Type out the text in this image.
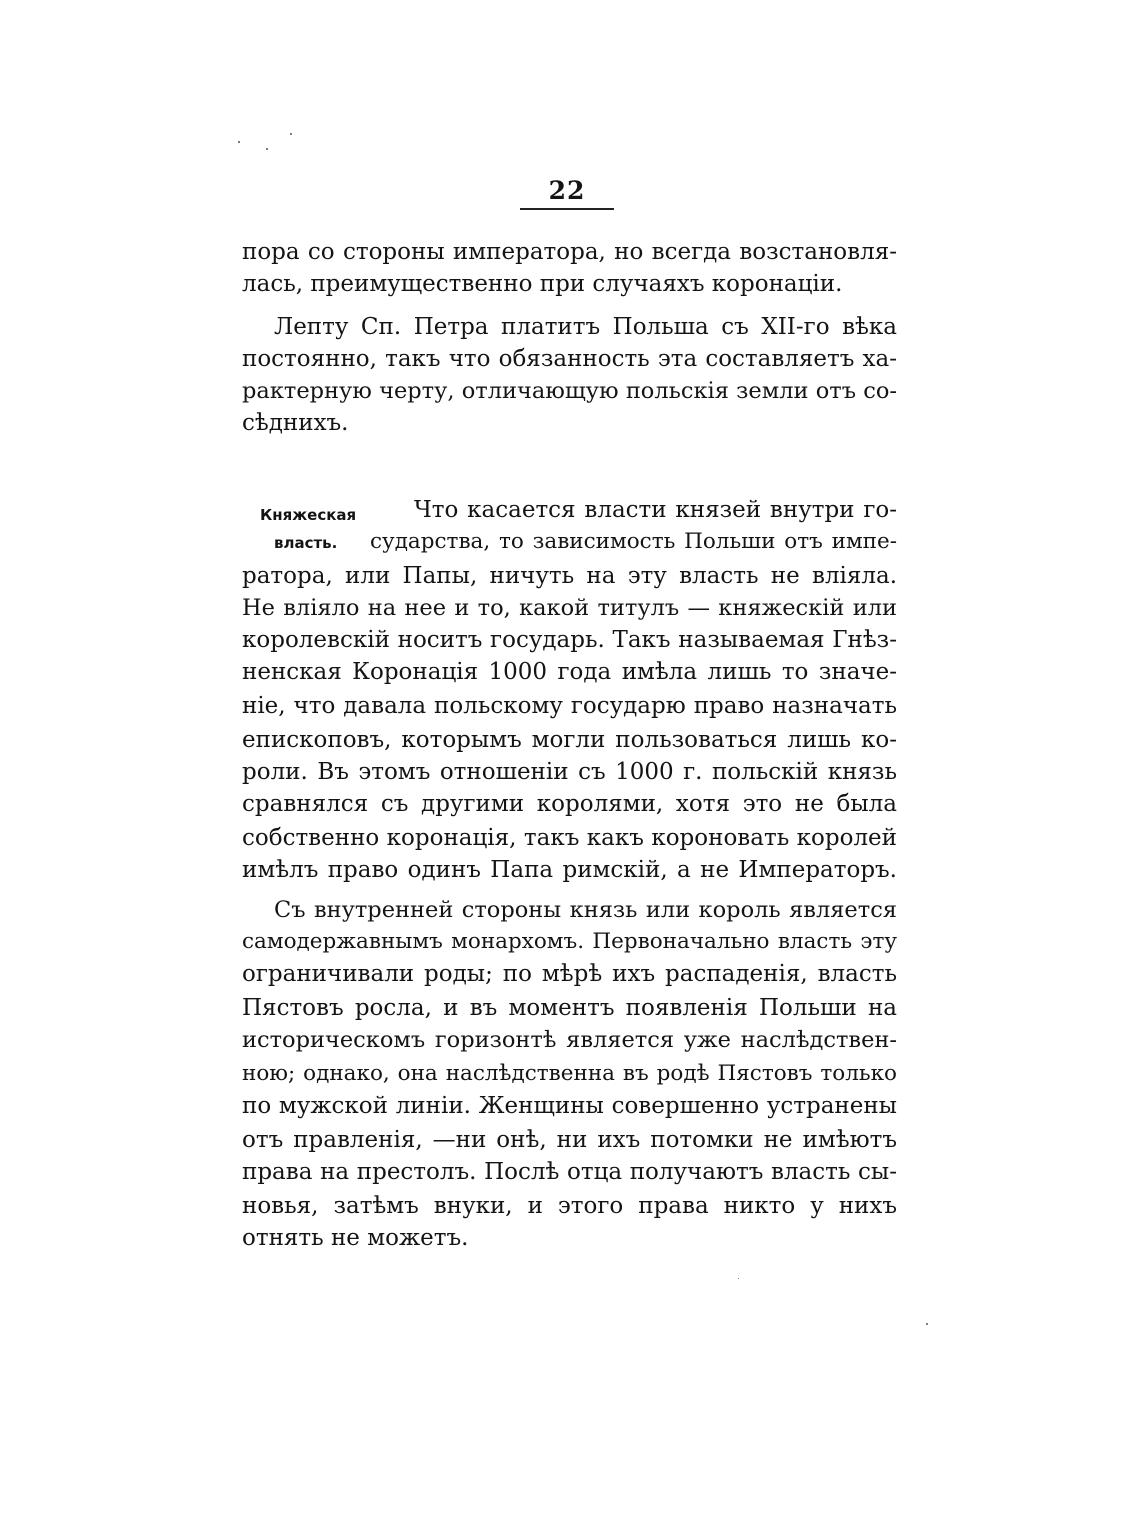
22
пора со стороны императора, но всегда возстановля-
лась, преимущественно при случаяхъ коронаціи.
Лепту Сп. Петра платитъ Польша съ XII-го вѣка
постоянно, такъ что обязанность эта составляетъ ха-
рактерную черту, отличающую польскія земли отъ со-
сѣднихъ.
Княжеская
власть.
Что касается власти князей внутри го-
сударства, то зависимость Польши отъ импе-
ратора, или Папы, ничуть на эту власть не вліяла.
Не вліяло на нее и то, какой титулъ — княжескій или
королевскій носитъ государь. Такъ называемая Гнѣз-
ненская Коронація 1000 года имѣла лишь то значе-
ніе, что давала польскому государю право назначать
епископовъ, которымъ могли пользоваться лишь ко-
роли. Въ этомъ отношеніи съ 1000 г. польскій князь
сравнялся съ другими королями, хотя это не была
собственно коронація, такъ какъ короновать королей
имѣлъ право одинъ Папа римскій, а не Императоръ.
Съ внутренней стороны князь или король является
самодержавнымъ монархомъ. Первоначально власть эту
ограничивали роды; по мѣрѣ ихъ распаденія, власть
Пястовъ росла, и въ моментъ появленія Польши на
историческомъ горизонтѣ является уже наслѣдствен-
ною; однако, она наслѣдственна въ родѣ Пястовъ только
по мужской линіи. Женщины совершенно устранены
отъ правленія, —ни онѣ, ни ихъ потомки не имѣютъ
права на престолъ. Послѣ отца получаютъ власть сы-
новья, затѣмъ внуки, и этого права никто у нихъ
отнять не можетъ.
